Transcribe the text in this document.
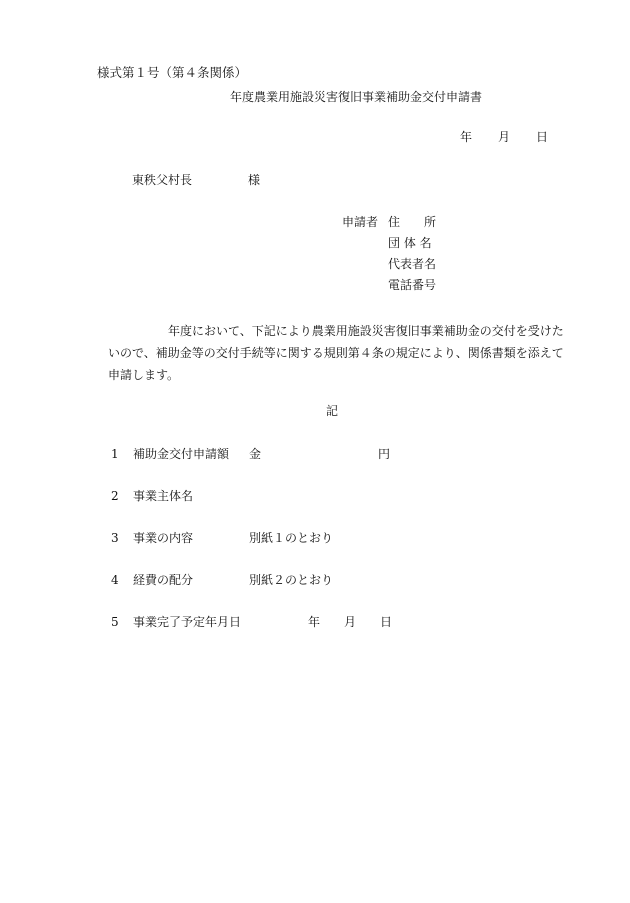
様式第１号（第４条関係）
年度農業用施設災害復旧事業補助金交付申請書
年 月 日
東秩父村長	様
申請者 住　　所
団 体 名
代表者名
電話番号
年度において、下記により農業用施設災害復旧事業補助金の交付を受けたいので、補助金等の交付手続等に関する規則第４条の規定により、関係書類を添えて申請します。
記
1 補助金交付申請額 金	円
2 事業主体名
3 事業の内容	別紙１のとおり
4 経費の配分	別紙２のとおり
5 事業完了予定年月日	年 月 日
